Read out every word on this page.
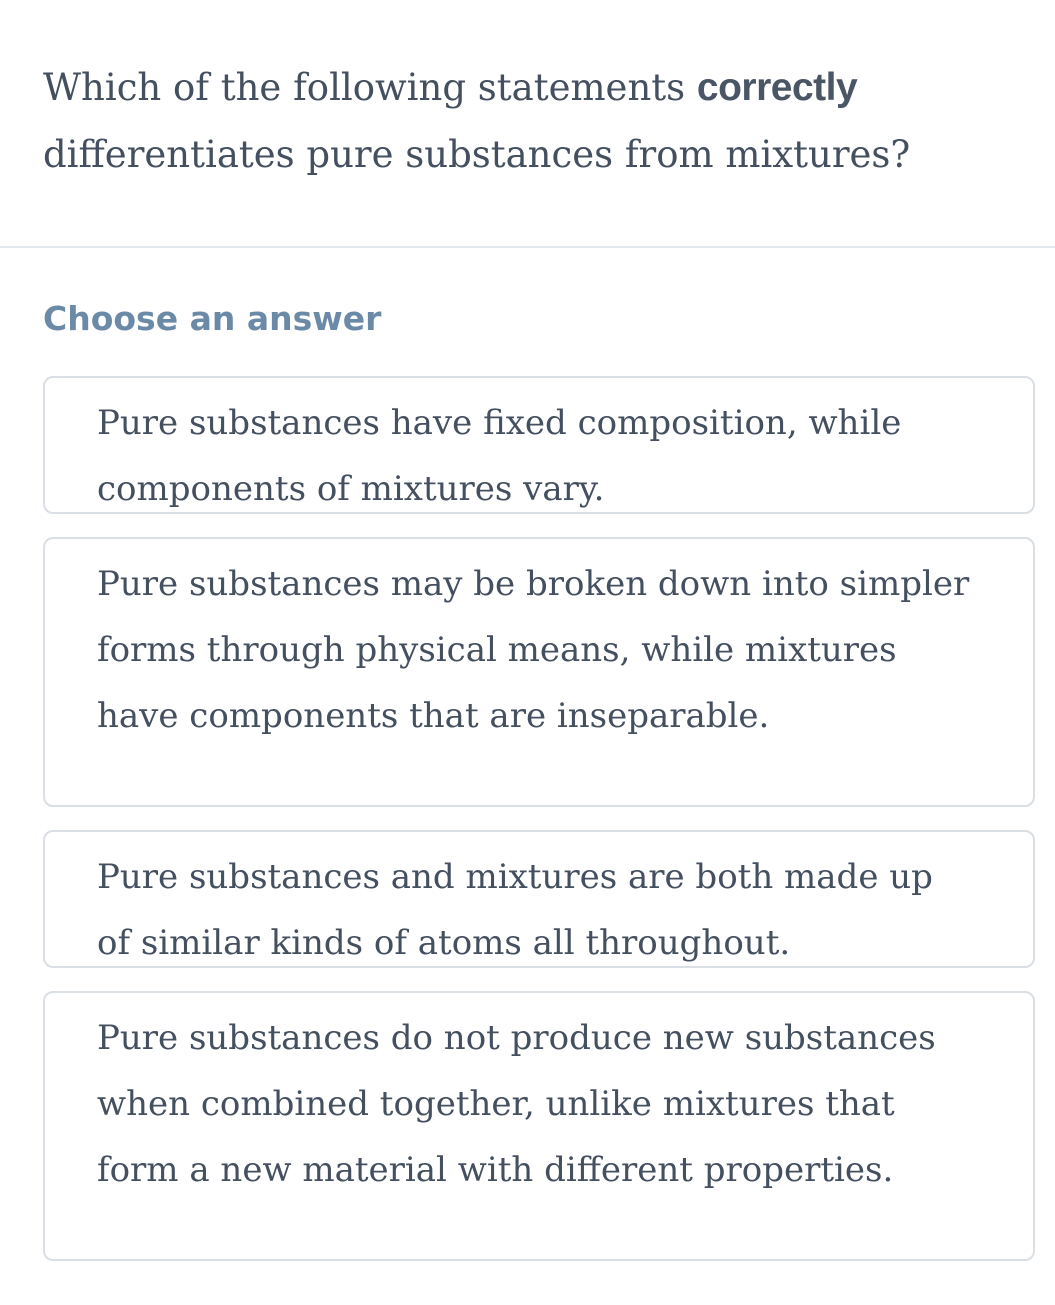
Which of the following statements correctly differentiates pure substances from mixtures?
Choose an answer
Pure substances have fixed composition, while components of mixtures vary.
Pure substances may be broken down into simpler forms through physical means, while mixtures have components that are inseparable.
Pure substances and mixtures are both made up of similar kinds of atoms all throughout.
Pure substances do not produce new substances when combined together, unlike mixtures that form a new material with different properties.
